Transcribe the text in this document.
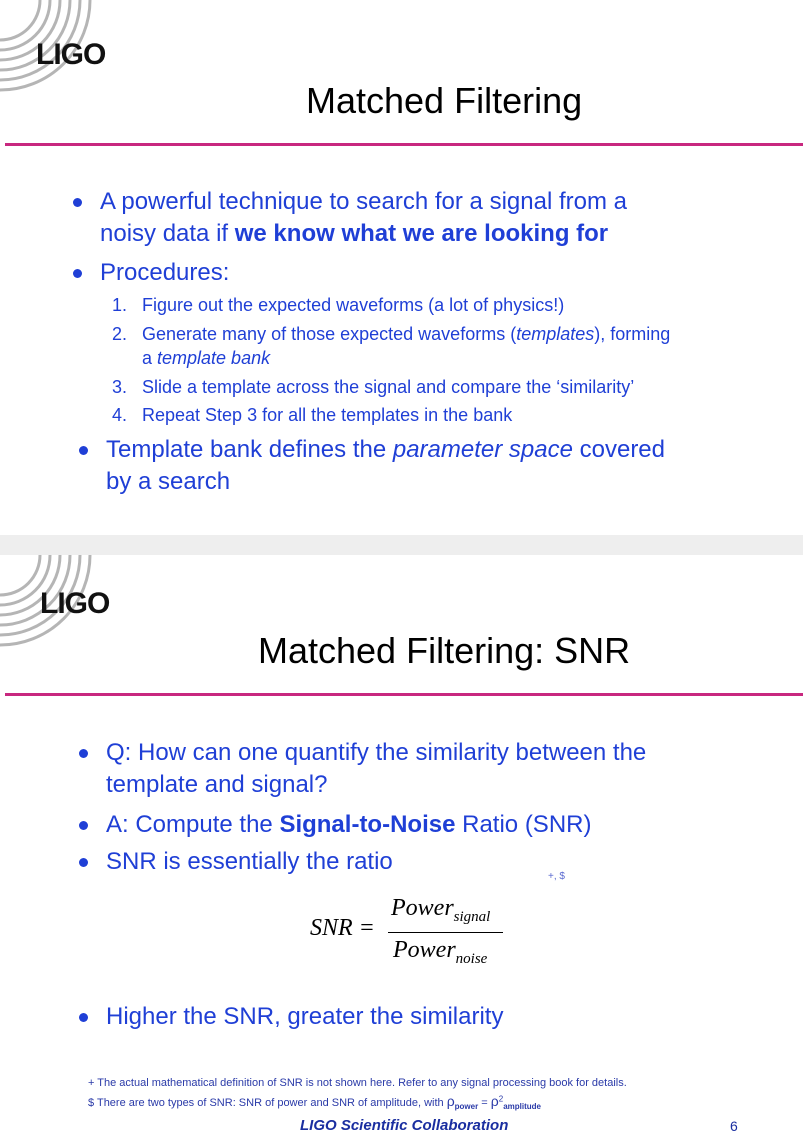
LIGO
Matched Filtering
A powerful technique to search for a signal from a
noisy data if we know what we are looking for
Procedures:
1. Figure out the expected waveforms (a lot of physics!)
2. Generate many of those expected waveforms (templates), forming
a template bank
3. Slide a template across the signal and compare the ‘similarity’
4. Repeat Step 3 for all the templates in the bank
Template bank defines the parameter space covered
by a search
LIGO
Matched Filtering: SNR
Q: How can one quantify the similarity between the
template and signal?
A: Compute the Signal-to-Noise Ratio (SNR)
SNR is essentially the ratio
+, $
SNR =
Power$_{signal}$
Power$_{noise}$
Higher the SNR, greater the similarity
+ The actual mathematical definition of SNR is not shown here. Refer to any signal processing book for details.
$ There are two types of SNR: SNR of power and SNR of amplitude, with $\rho_{power} = \rho^2_{amplitude}$
LIGO Scientific Collaboration	6
